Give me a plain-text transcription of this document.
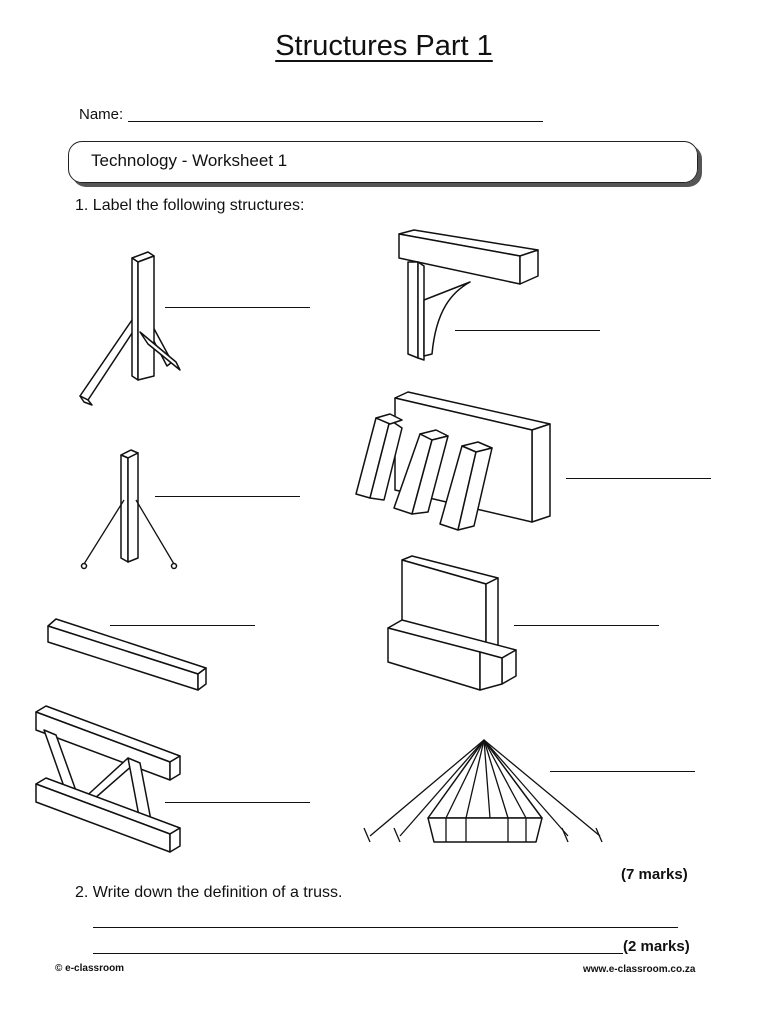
Structures Part 1
Name:
Technology - Worksheet 1
1. Label the following structures:
(7 marks)
2. Write down the definition of a truss.
(2 marks)
© e-classroom	www.e-classroom.co.za
